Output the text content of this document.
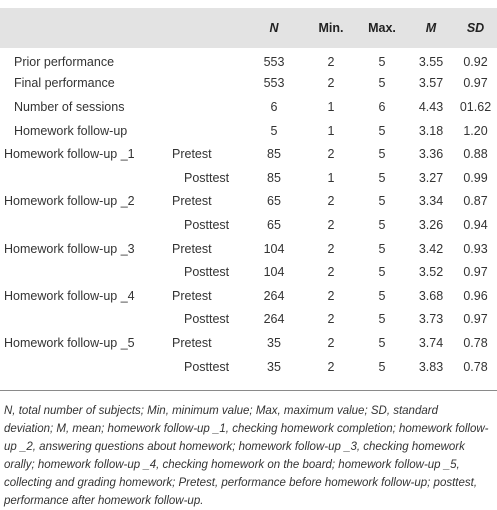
		N	Min.	Max.	M	SD
Prior performance		553	2	5	3.55	0.92
Final performance		553	2	5	3.57	0.97
Number of sessions		6	1	6	4.43	01.62
Homework follow-up		5	1	5	3.18	1.20
Homework follow-up _1	Pretest	85	2	5	3.36	0.88
	Posttest	85	1	5	3.27	0.99
Homework follow-up _2	Pretest	65	2	5	3.34	0.87
	Posttest	65	2	5	3.26	0.94
Homework follow-up _3	Pretest	104	2	5	3.42	0.93
	Posttest	104	2	5	3.52	0.97
Homework follow-up _4	Pretest	264	2	5	3.68	0.96
	Posttest	264	2	5	3.73	0.97
Homework follow-up _5	Pretest	35	2	5	3.74	0.78
	Posttest	35	2	5	3.83	0.78

N, total number of subjects; Min, minimum value; Max, maximum value; SD, standard deviation; M, mean; homework follow-up _1, checking homework completion; homework follow-up _2, answering questions about homework; homework follow-up _3, checking homework orally; homework follow-up _4, checking homework on the board; homework follow-up _5, collecting and grading homework; Pretest, performance before homework follow-up; posttest, performance after homework follow-up.
